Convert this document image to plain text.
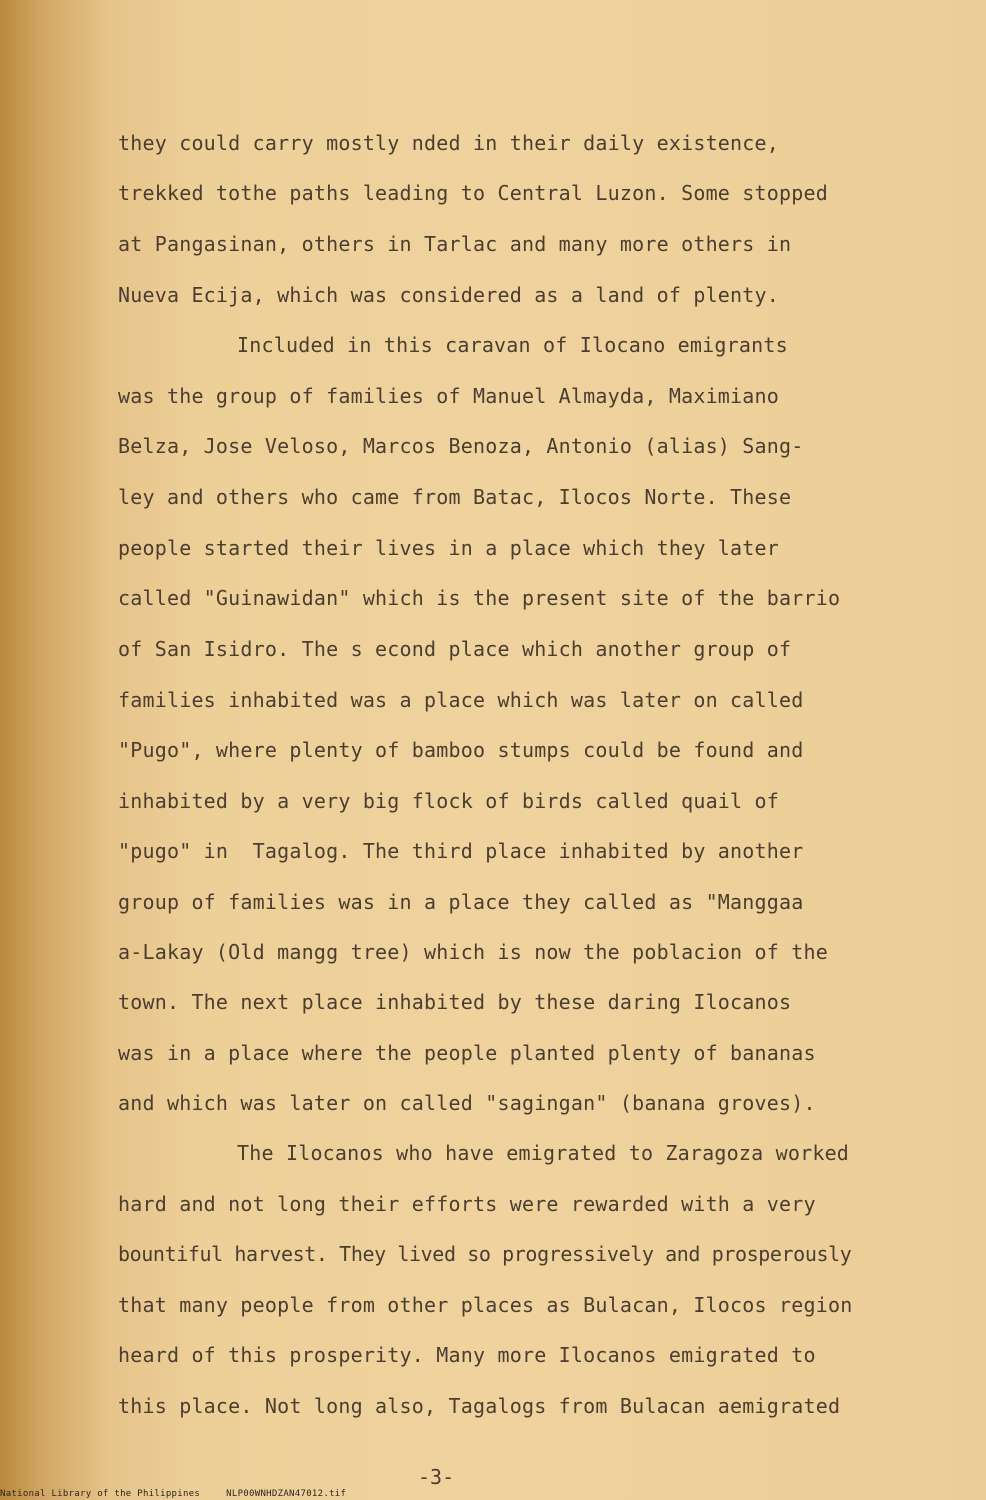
they could carry mostly nded in their daily existence,
trekked tothe paths leading to Central Luzon. Some stopped
at Pangasinan, others in Tarlac and many more others in
Nueva Ecija, which was considered as a land of plenty.
Included in this caravan of Ilocano emigrants
was the group of families of Manuel Almayda, Maximiano
Belza, Jose Veloso, Marcos Benoza, Antonio (alias) Sang-
ley and others who came from Batac, Ilocos Norte. These
people started their lives in a place which they later
called "Guinawidan" which is the present site of the barrio
of San Isidro. The s econd place which another group of
families inhabited was a place which was later on called
"Pugo", where plenty of bamboo stumps could be found and
inhabited by a very big flock of birds called quail of
"pugo" in  Tagalog. The third place inhabited by another
group of families was in a place they called as "Manggaa
a-Lakay (Old mangg tree) which is now the poblacion of the
town. The next place inhabited by these daring Ilocanos
was in a place where the people planted plenty of bananas
and which was later on called "sagingan" (banana groves).
The Ilocanos who have emigrated to Zaragoza worked
hard and not long their efforts were rewarded with a very
bountiful harvest. They lived so progressively and prosperously
that many people from other places as Bulacan, Ilocos region
heard of this prosperity. Many more Ilocanos emigrated to
this place. Not long also, Tagalogs from Bulacan aemigrated
-3-
National Library of the Philippines	NLP00WNHDZAN47012.tif
